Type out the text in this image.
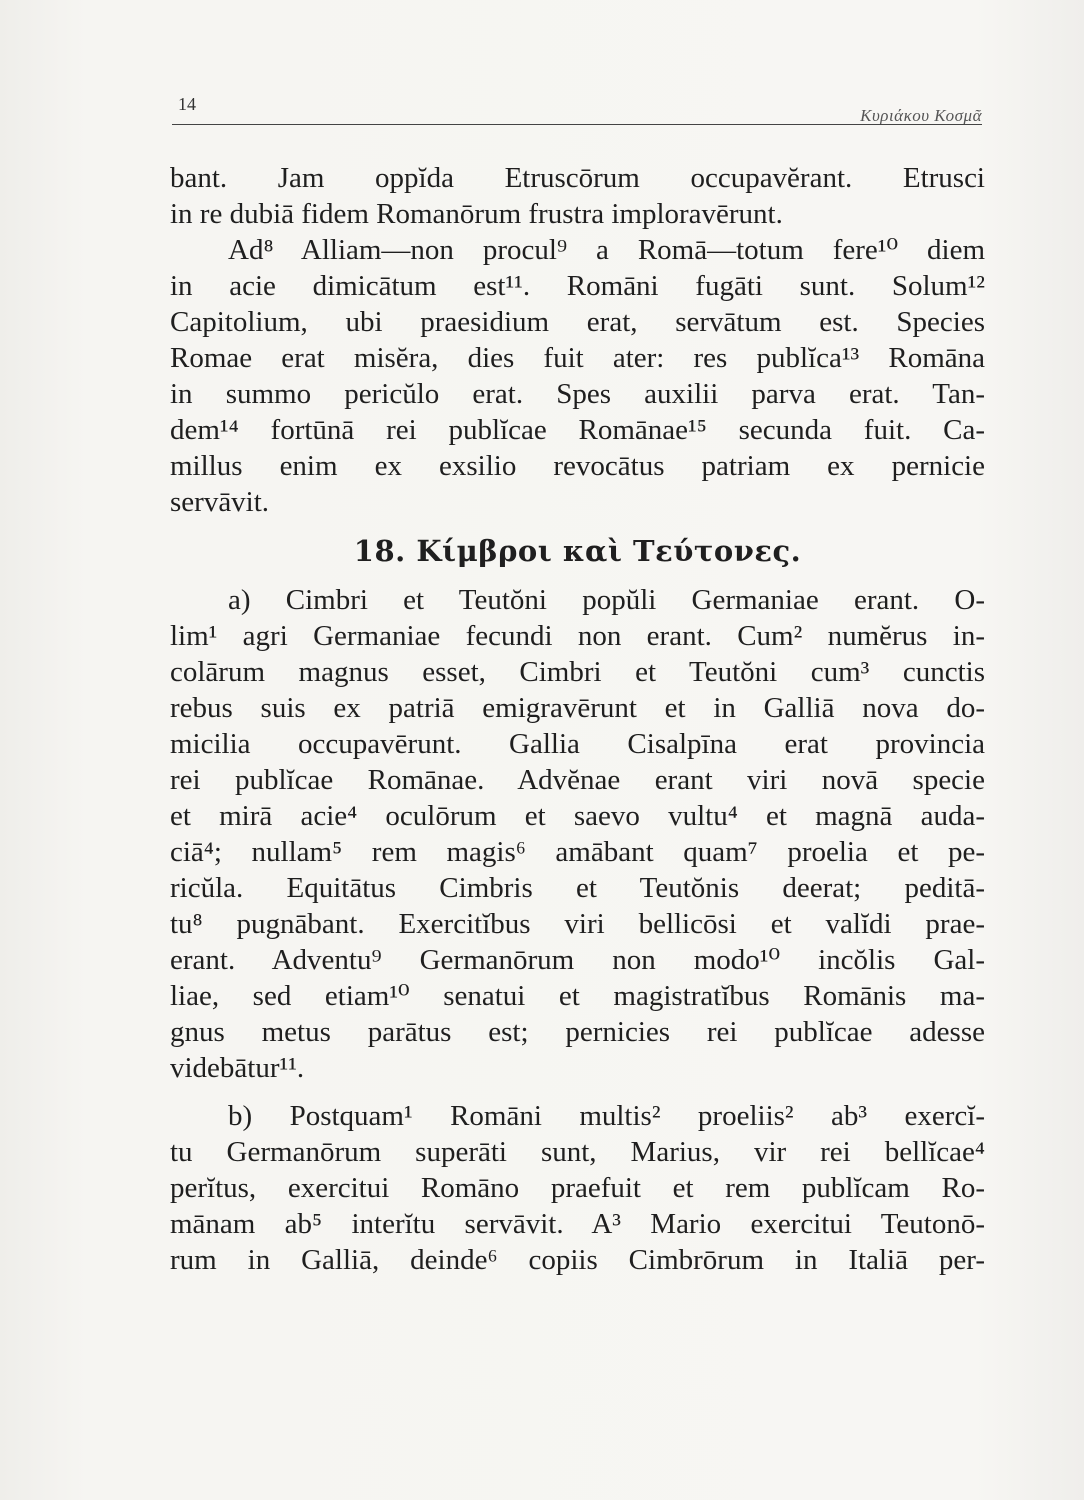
14
Κυριάκου Κοσμᾶ
bant. Jam oppĭda Etruscōrum occupavĕrant. Etrusci
in re dubiā fidem Romanōrum frustra imploravērunt.
Ad⁸ Alliam—non procul⁹ a Romā—totum fere¹⁰ diem
in acie dimicātum est¹¹. Romāni fugāti sunt. Solum¹²
Capitolium, ubi praesidium erat, servātum est. Species
Romae erat misĕra, dies fuit ater: res publĭca¹³ Romāna
in summo pericŭlo erat. Spes auxilii parva erat. Tan-
dem¹⁴ fortūnā rei publĭcae Romānae¹⁵ secunda fuit. Ca-
millus enim ex exsilio revocātus patriam ex pernicie
servāvit.
18. Κίμβροι καὶ Τεύτονες.
a) Cimbri et Teutŏni popŭli Germaniae erant. O-
lim¹ agri Germaniae fecundi non erant. Cum² numĕrus in-
colārum magnus esset, Cimbri et Teutŏni cum³ cunctis
rebus suis ex patriā emigravērunt et in Galliā nova do-
micilia occupavērunt. Gallia Cisalpīna erat provincia
rei publĭcae Romānae. Advĕnae erant viri novā specie
et mirā acie⁴ oculōrum et saevo vultu⁴ et magnā auda-
ciā⁴; nullam⁵ rem magis⁶ amābant quam⁷ proelia et pe-
ricŭla. Equitātus Cimbris et Teutŏnis deerat; peditā-
tu⁸ pugnābant. Exercitĭbus viri bellicōsi et valĭdi prae-
erant. Adventu⁹ Germanōrum non modo¹⁰ incŏlis Gal-
liae, sed etiam¹⁰ senatui et magistratĭbus Romānis ma-
gnus metus parātus est; pernicies rei publĭcae adesse
videbātur¹¹.
b) Postquam¹ Romāni multis² proeliis² ab³ exercĭ-
tu Germanōrum superāti sunt, Marius, vir rei bellĭcae⁴
perĭtus, exercitui Romāno praefuit et rem publĭcam Ro-
mānam ab⁵ interĭtu servāvit. A³ Mario exercitui Teutonō-
rum in Galliā, deinde⁶ copiis Cimbrōrum in Italiā per-
